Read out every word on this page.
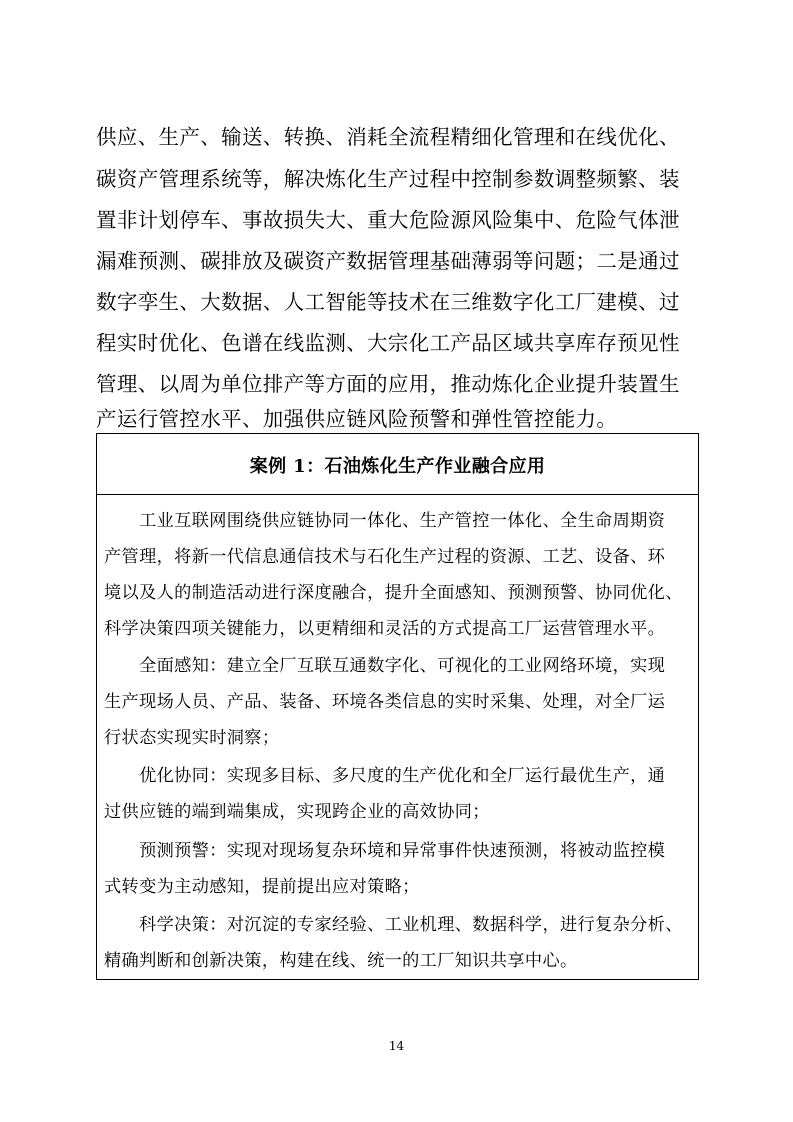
供应、生产、输送、转换、消耗全流程精细化管理和在线优化、
碳资产管理系统等，解决炼化生产过程中控制参数调整频繁、装
置非计划停车、事故损失大、重大危险源风险集中、危险气体泄
漏难预测、碳排放及碳资产数据管理基础薄弱等问题；二是通过
数字孪生、大数据、人工智能等技术在三维数字化工厂建模、过
程实时优化、色谱在线监测、大宗化工产品区域共享库存预见性
管理、以周为单位排产等方面的应用，推动炼化企业提升装置生
产运行管控水平、加强供应链风险预警和弹性管控能力。
案例 1：石油炼化生产作业融合应用
　　工业互联网围绕供应链协同一体化、生产管控一体化、全生命周期资
产管理，将新一代信息通信技术与石化生产过程的资源、工艺、设备、环
境以及人的制造活动进行深度融合，提升全面感知、预测预警、协同优化、
科学决策四项关键能力，以更精细和灵活的方式提高工厂运营管理水平。
　　全面感知：建立全厂互联互通数字化、可视化的工业网络环境，实现
生产现场人员、产品、装备、环境各类信息的实时采集、处理，对全厂运
行状态实现实时洞察；
　　优化协同：实现多目标、多尺度的生产优化和全厂运行最优生产，通
过供应链的端到端集成，实现跨企业的高效协同；
　　预测预警：实现对现场复杂环境和异常事件快速预测，将被动监控模
式转变为主动感知，提前提出应对策略；
　　科学决策：对沉淀的专家经验、工业机理、数据科学，进行复杂分析、
精确判断和创新决策，构建在线、统一的工厂知识共享中心。
14
